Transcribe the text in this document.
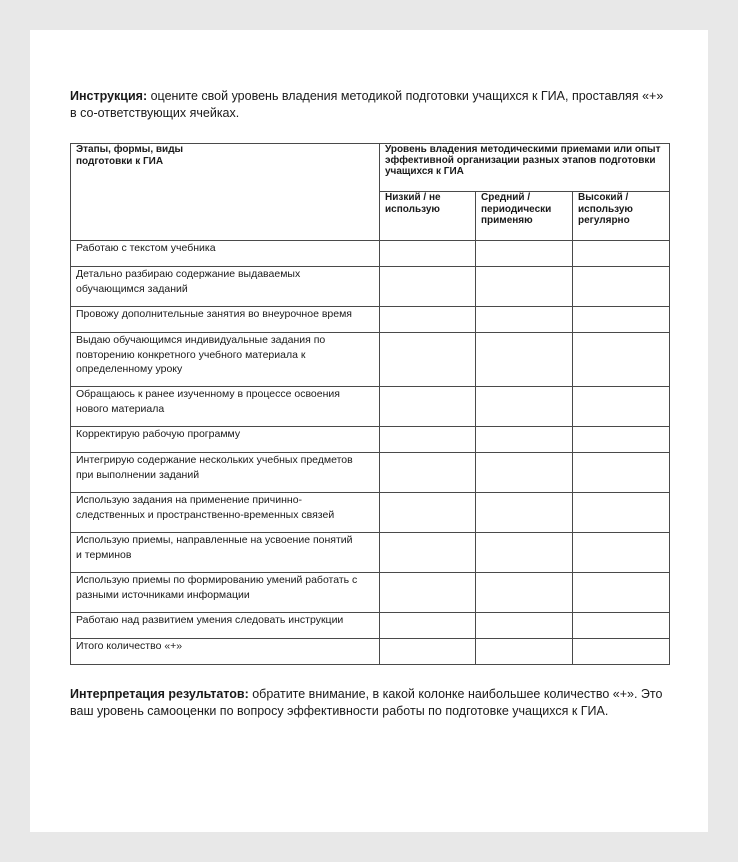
Инструкция: оцените свой уровень владения методикой подготовки учащихся к ГИА, проставляя «+» в со-ответствующих ячейках.

Этапы, формы, виды подготовки к ГИА	Уровень владения методическими приемами или опыт эффективной организации разных этапов подготовки учащихся к ГИА		
	Низкий / не использую	Средний / периодически применяю	Высокий / использую регулярно
Работаю с текстом учебника			

Детально разбираю содержание выдаваемых обучающимся заданий			

Провожу дополнительные занятия во внеурочное время			

Выдаю обучающимся индивидуальные задания по повторению конкретного учебного материала к определенному уроку			

Обращаюсь к ранее изученному в процессе освоения нового материала			

Корректирую рабочую программу			

Интегрирую содержание нескольких учебных предметов при выполнении заданий			

Использую задания на применение причинно-следственных и пространственно-временных связей			

Использую приемы, направленные на усвоение понятий и терминов			

Использую приемы по формированию умений работать с разными источниками информации			

Работаю над развитием умения следовать инструкции			
Итого количество «+»			

Интерпретация результатов: обратите внимание, в какой колонке наибольшее количество «+». Это ваш уровень самооценки по вопросу эффективности работы по подготовке учащихся к ГИА.
